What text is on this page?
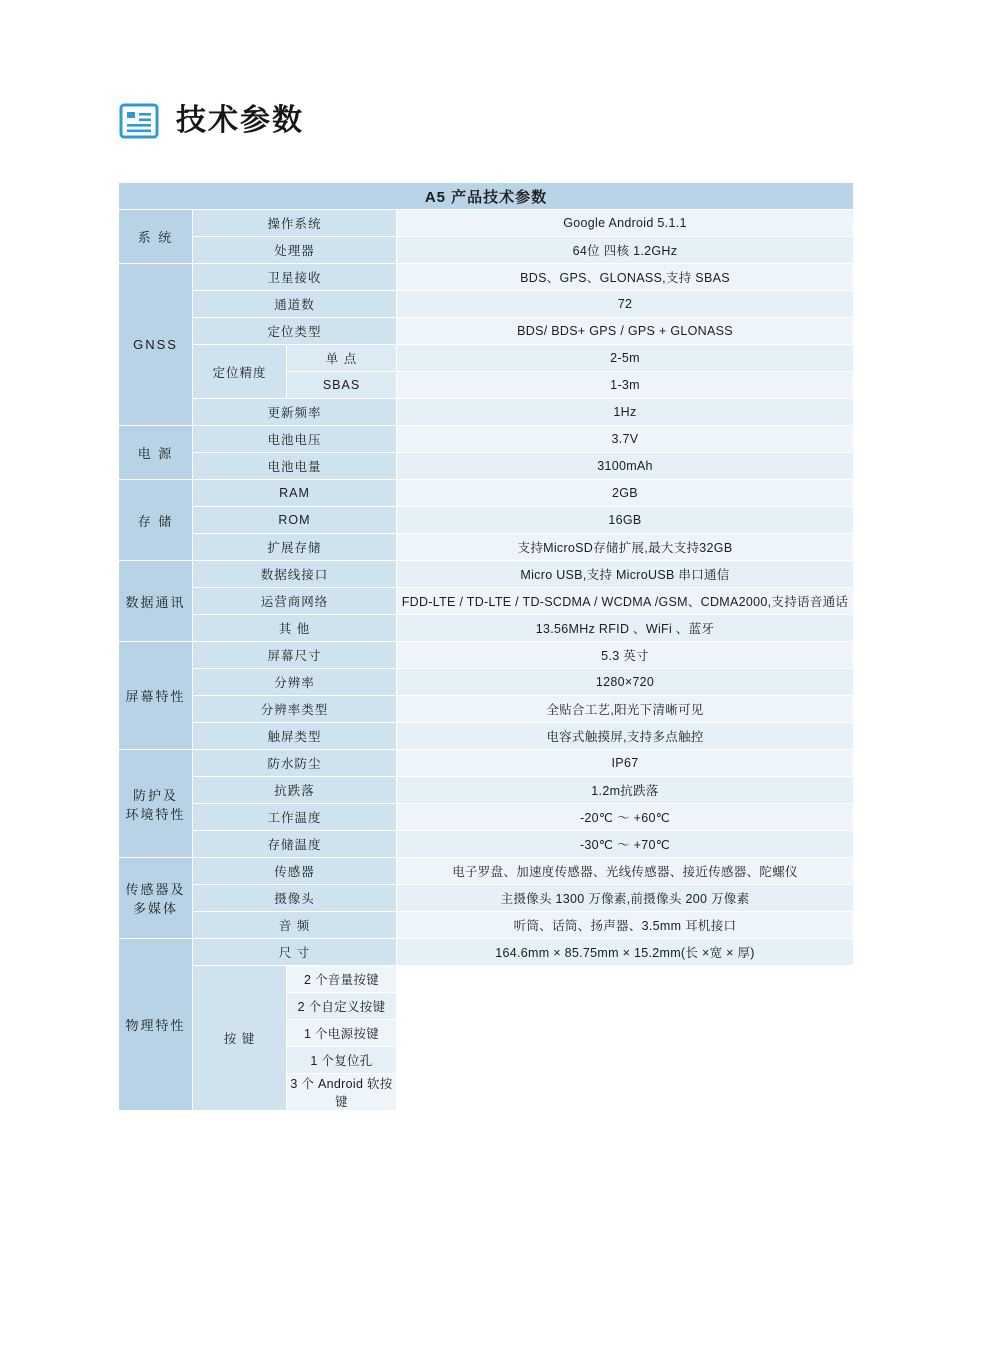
技术参数
A5 产品技术参数			
系 统	操作系统		Google Android 5.1.1
	处理器		64位 四核 1.2GHz
GNSS	卫星接收		BDS、GPS、GLONASS,支持 SBAS
	通道数		72
	定位类型		BDS/ BDS+ GPS / GPS + GLONASS
	定位精度	单 点	2-5m
		SBAS	1-3m
	更新频率		1Hz
电 源	电池电压		3.7V
	电池电量		3100mAh
存 储	RAM		2GB
	ROM		16GB
	扩展存储		支持MicroSD存储扩展,最大支持32GB
数据通讯	数据线接口		Micro USB,支持 MicroUSB 串口通信
	运营商网络		FDD-LTE / TD-LTE / TD-SCDMA / WCDMA /GSM、CDMA2000,支持语音通话
	其 他		13.56MHz RFID 、WiFi 、蓝牙
屏幕特性	屏幕尺寸		5.3 英寸
	分辨率		1280×720
	分辨率类型		全贴合工艺,阳光下清晰可见
	触屏类型		电容式触摸屏,支持多点触控
防护及
环境特性	防水防尘		IP67
	抗跌落		1.2m抗跌落
	工作温度		-20℃ ～ +60℃
	存储温度		-30℃ ～ +70℃
传感器及
多媒体	传感器		电子罗盘、加速度传感器、光线传感器、接近传感器、陀螺仪
	摄像头		主摄像头 1300 万像素,前摄像头 200 万像素
	音 频		听筒、话筒、扬声器、3.5mm 耳机接口
物理特性	尺 寸		164.6mm × 85.75mm × 15.2mm(长 ×宽 × 厚)
	按 键	2 个音量按键	
		2 个自定义按键	
		1 个电源按键	
		1 个复位孔	
		3 个 Android 软按键	
